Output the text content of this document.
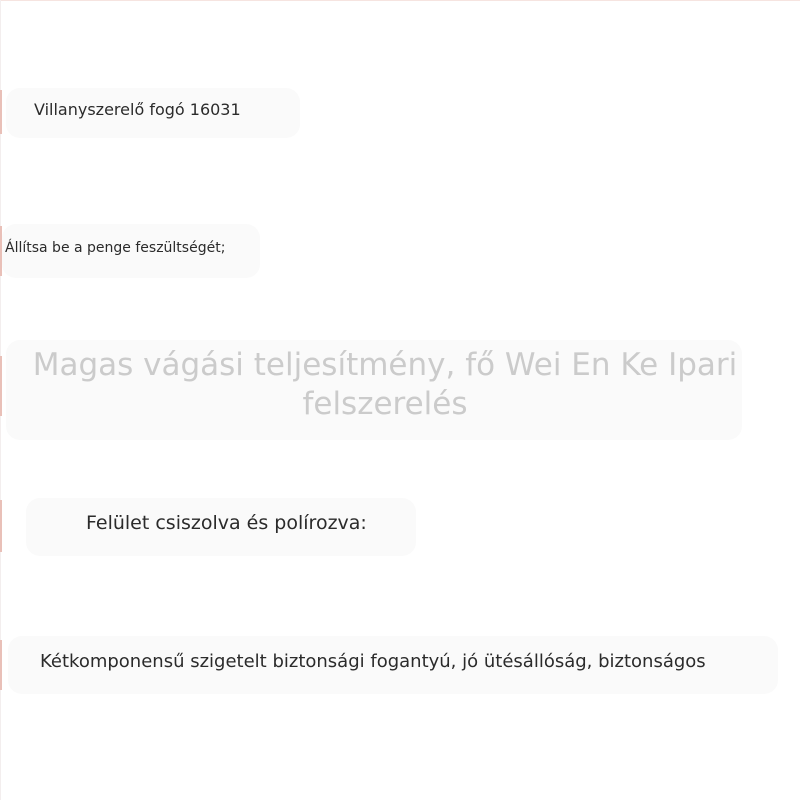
Villanyszerelő fogó 16031
Állítsa be a penge feszültségét;
Magas vágási teljesítmény, fő Wei En Ke Ipari felszerelés
Felület csiszolva és polírozva:
Kétkomponensű szigetelt biztonsági fogantyú, jó ütésállóság, biztonságos
